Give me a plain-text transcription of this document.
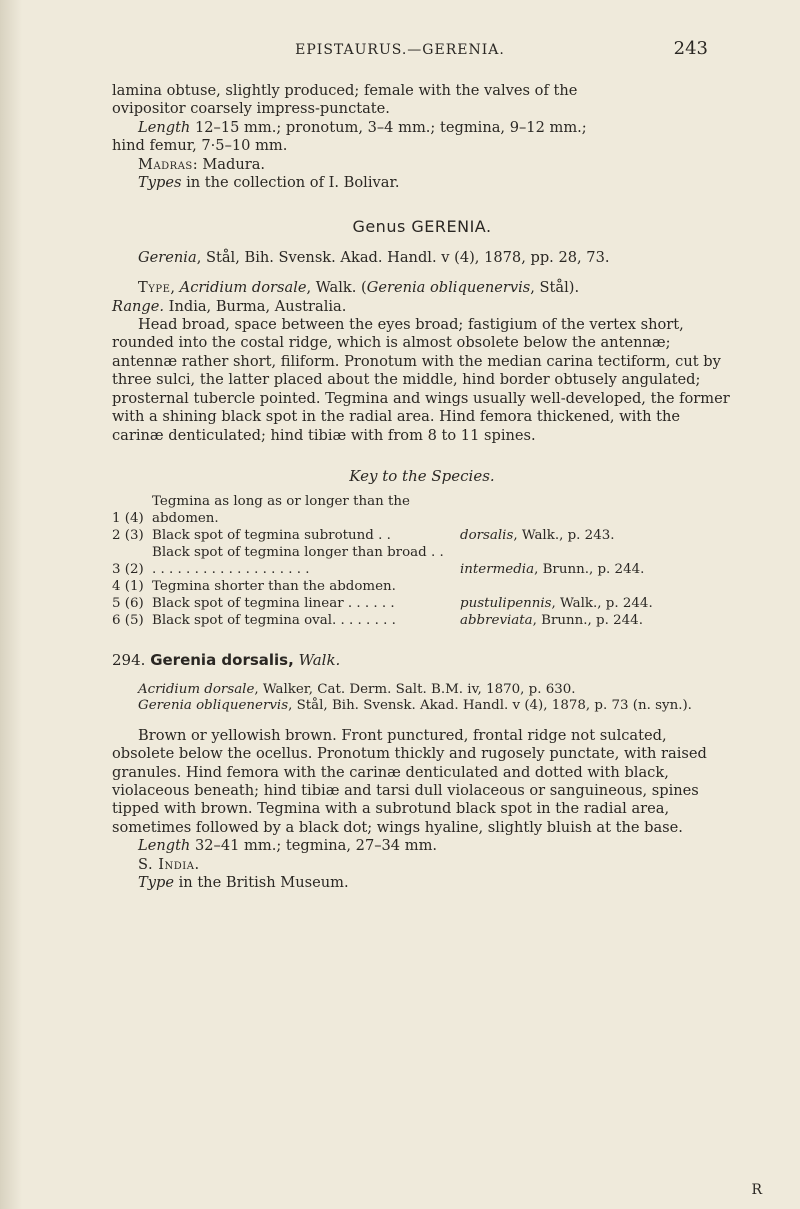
EPISTAURUS.—GERENIA.	243

lamina obtuse, slightly produced; female with the valves of the
ovipositor coarsely impress-punctate.

Length 12–15 mm.; pronotum, 3–4 mm.; tegmina, 9–12 mm.;
hind femur, 7·5–10 mm.

Madras: Madura.

Types in the collection of I. Bolivar.

Genus GERENIA.

Gerenia, Stål, Bih. Svensk. Akad. Handl. v (4), 1878, pp. 28, 73.

Type, Acridium dorsale, Walk. (Gerenia obliquenervis, Stål).

Range. India, Burma, Australia.

Head broad, space between the eyes broad; fastigium of the vertex short, rounded into the costal ridge, which is almost obsolete below the antennæ; antennæ rather short, filiform. Pronotum with the median carina tectiform, cut by three sulci, the latter placed about the middle, hind border obtusely angulated; prosternal tubercle pointed. Tegmina and wings usually well-developed, the former with a shining black spot in the radial area. Hind femora thickened, with the carinæ denticulated; hind tibiæ with from 8 to 11 spines.

Key to the Species.

1 (4)	Tegmina as long as or longer than the abdomen.	
2 (3)	Black spot of tegmina subrotund . .	dorsalis, Walk., p. 243.
3 (2)	Black spot of tegmina longer than broad . . . . . . . . . . . . . . . . . . . . .	intermedia, Brunn., p. 244.
4 (1)	Tegmina shorter than the abdomen.	
5 (6)	Black spot of tegmina linear . . . . . .	pustulipennis, Walk., p. 244.
6 (5)	Black spot of tegmina oval. . . . . . . .	abbreviata, Brunn., p. 244.

294. Gerenia dorsalis, Walk.

Acridium dorsale, Walker, Cat. Derm. Salt. B.M. iv, 1870, p. 630.

Gerenia obliquenervis, Stål, Bih. Svensk. Akad. Handl. v (4), 1878, p. 73 (n. syn.).

Brown or yellowish brown. Front punctured, frontal ridge not sulcated, obsolete below the ocellus. Pronotum thickly and rugosely punctate, with raised granules. Hind femora with the carinæ denticulated and dotted with black, violaceous beneath; hind tibiæ and tarsi dull violaceous or sanguineous, spines tipped with brown. Tegmina with a subrotund black spot in the radial area, sometimes followed by a black dot; wings hyaline, slightly bluish at the base.

Length 32–41 mm.; tegmina, 27–34 mm.

S. India.

Type in the British Museum.

R
